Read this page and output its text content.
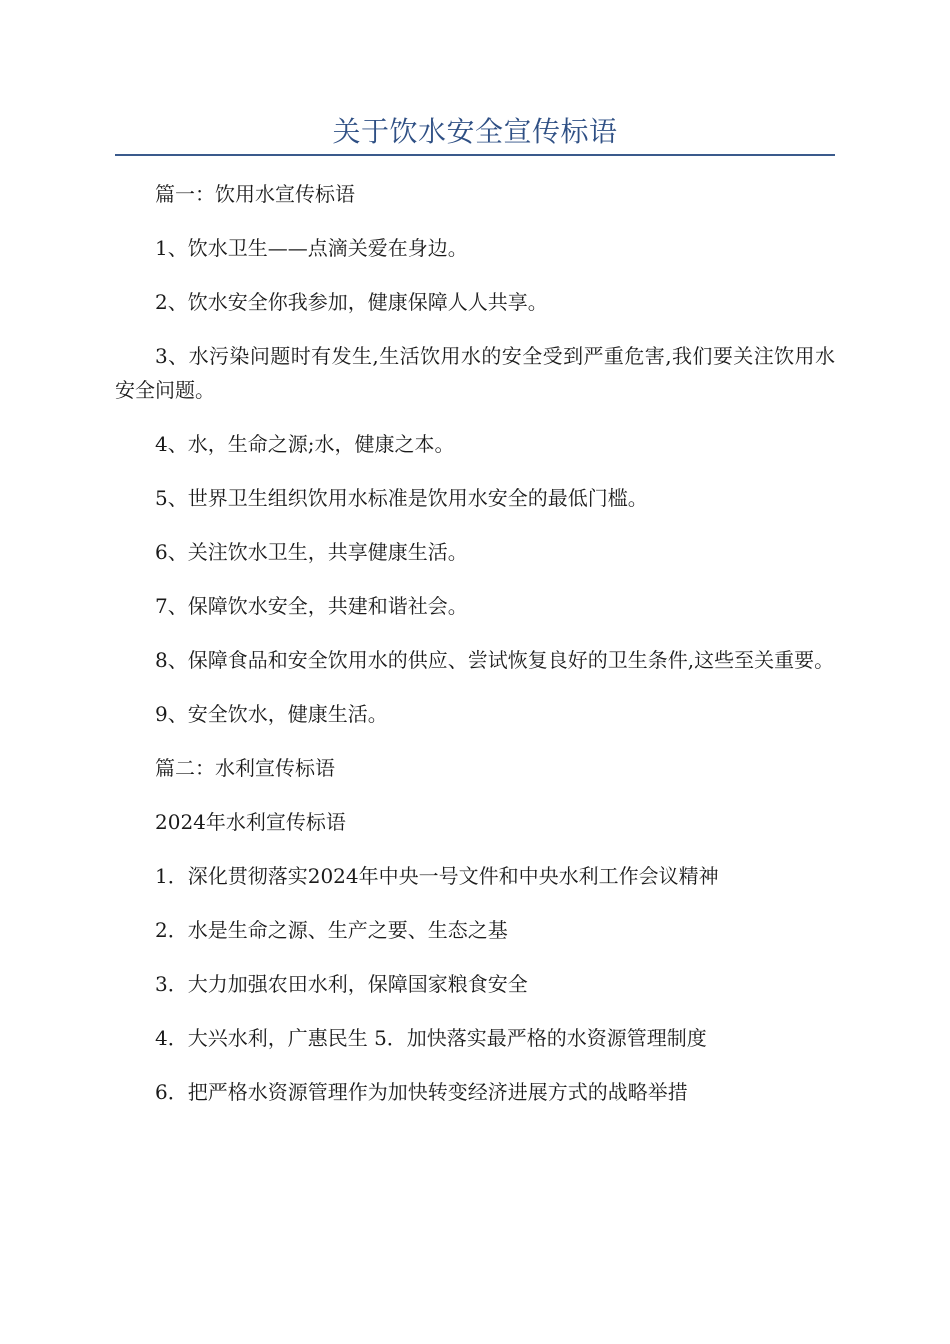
关于饮水安全宣传标语

篇一：饮用水宣传标语

1、饮水卫生——点滴关爱在身边。

2、饮水安全你我参加，健康保障人人共享。

3、水污染问题时有发生,生活饮用水的安全受到严重危害,我们要关注饮用水安全问题。

4、水，生命之源;水，健康之本。

5、世界卫生组织饮用水标准是饮用水安全的最低门槛。

6、关注饮水卫生，共享健康生活。

7、保障饮水安全，共建和谐社会。

8、保障食品和安全饮用水的供应、尝试恢复良好的卫生条件,这些至关重要。

9、安全饮水，健康生活。

篇二：水利宣传标语

2024年水利宣传标语

1．深化贯彻落实2024年中央一号文件和中央水利工作会议精神

2．水是生命之源、生产之要、生态之基

3．大力加强农田水利，保障国家粮食安全

4．大兴水利，广惠民生 5．加快落实最严格的水资源管理制度

6．把严格水资源管理作为加快转变经济进展方式的战略举措
